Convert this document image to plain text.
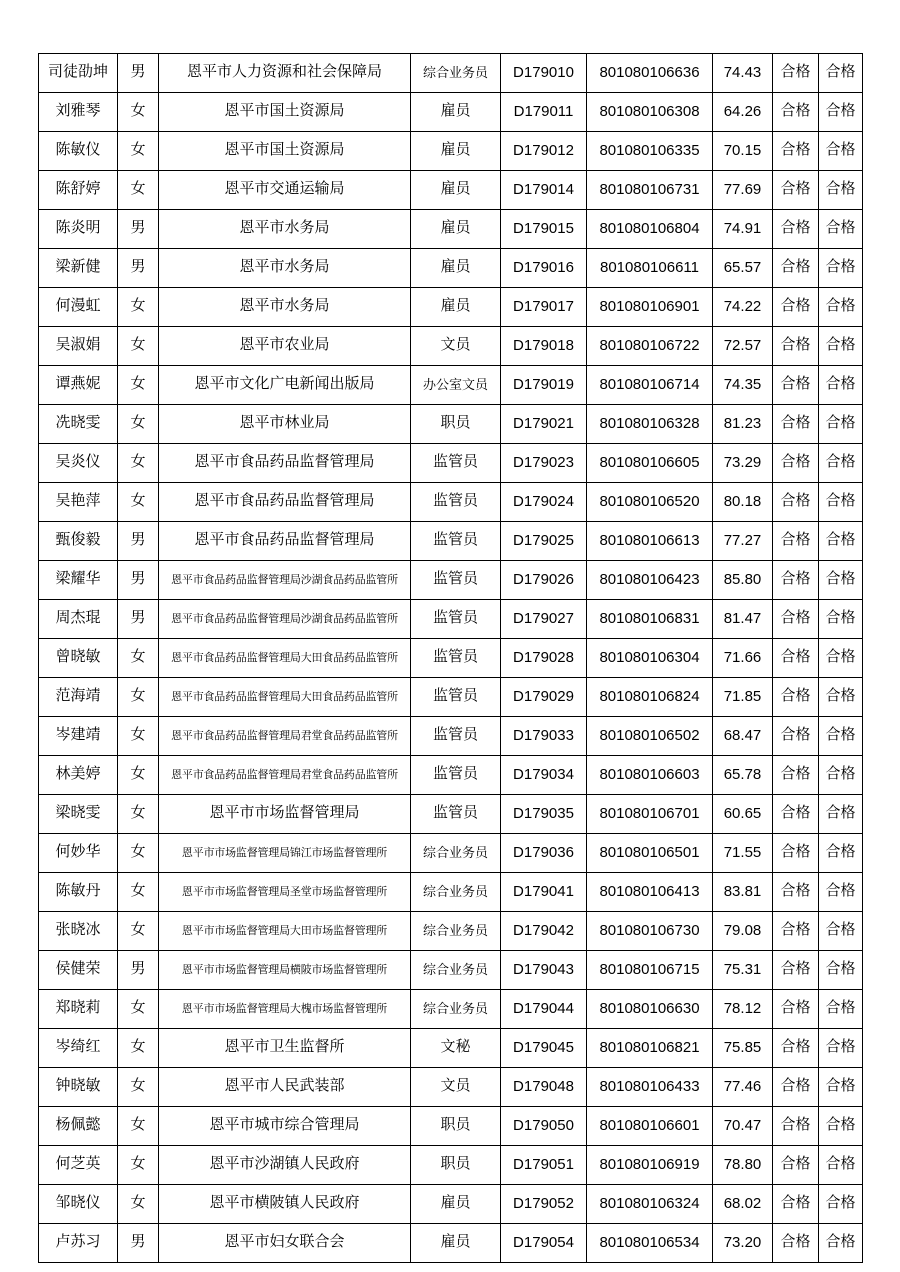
司徒劭坤	男	恩平市人力资源和社会保障局	综合业务员	D179010	801080106636	74.43	合格	合格
刘雅琴	女	恩平市国土资源局	雇员	D179011	801080106308	64.26	合格	合格
陈敏仪	女	恩平市国土资源局	雇员	D179012	801080106335	70.15	合格	合格
陈舒婷	女	恩平市交通运输局	雇员	D179014	801080106731	77.69	合格	合格
陈炎明	男	恩平市水务局	雇员	D179015	801080106804	74.91	合格	合格
梁新健	男	恩平市水务局	雇员	D179016	801080106611	65.57	合格	合格
何漫虹	女	恩平市水务局	雇员	D179017	801080106901	74.22	合格	合格
吴淑娟	女	恩平市农业局	文员	D179018	801080106722	72.57	合格	合格
谭燕妮	女	恩平市文化广电新闻出版局	办公室文员	D179019	801080106714	74.35	合格	合格
冼晓雯	女	恩平市林业局	职员	D179021	801080106328	81.23	合格	合格
吴炎仪	女	恩平市食品药品监督管理局	监管员	D179023	801080106605	73.29	合格	合格
吴艳萍	女	恩平市食品药品监督管理局	监管员	D179024	801080106520	80.18	合格	合格
甄俊毅	男	恩平市食品药品监督管理局	监管员	D179025	801080106613	77.27	合格	合格
梁耀华	男	恩平市食品药品监督管理局沙湖食品药品监管所	监管员	D179026	801080106423	85.80	合格	合格
周杰琨	男	恩平市食品药品监督管理局沙湖食品药品监管所	监管员	D179027	801080106831	81.47	合格	合格
曾晓敏	女	恩平市食品药品监督管理局大田食品药品监管所	监管员	D179028	801080106304	71.66	合格	合格
范海靖	女	恩平市食品药品监督管理局大田食品药品监管所	监管员	D179029	801080106824	71.85	合格	合格
岑建靖	女	恩平市食品药品监督管理局君堂食品药品监管所	监管员	D179033	801080106502	68.47	合格	合格
林美婷	女	恩平市食品药品监督管理局君堂食品药品监管所	监管员	D179034	801080106603	65.78	合格	合格
梁晓雯	女	恩平市市场监督管理局	监管员	D179035	801080106701	60.65	合格	合格
何妙华	女	恩平市市场监督管理局锦江市场监督管理所	综合业务员	D179036	801080106501	71.55	合格	合格
陈敏丹	女	恩平市市场监督管理局圣堂市场监督管理所	综合业务员	D179041	801080106413	83.81	合格	合格
张晓冰	女	恩平市市场监督管理局大田市场监督管理所	综合业务员	D179042	801080106730	79.08	合格	合格
侯健荣	男	恩平市市场监督管理局横陂市场监督管理所	综合业务员	D179043	801080106715	75.31	合格	合格
郑晓莉	女	恩平市市场监督管理局大槐市场监督管理所	综合业务员	D179044	801080106630	78.12	合格	合格
岑绮红	女	恩平市卫生监督所	文秘	D179045	801080106821	75.85	合格	合格
钟晓敏	女	恩平市人民武装部	文员	D179048	801080106433	77.46	合格	合格
杨佩懿	女	恩平市城市综合管理局	职员	D179050	801080106601	70.47	合格	合格
何芝英	女	恩平市沙湖镇人民政府	职员	D179051	801080106919	78.80	合格	合格
邹晓仪	女	恩平市横陂镇人民政府	雇员	D179052	801080106324	68.02	合格	合格
卢苏习	男	恩平市妇女联合会	雇员	D179054	801080106534	73.20	合格	合格
